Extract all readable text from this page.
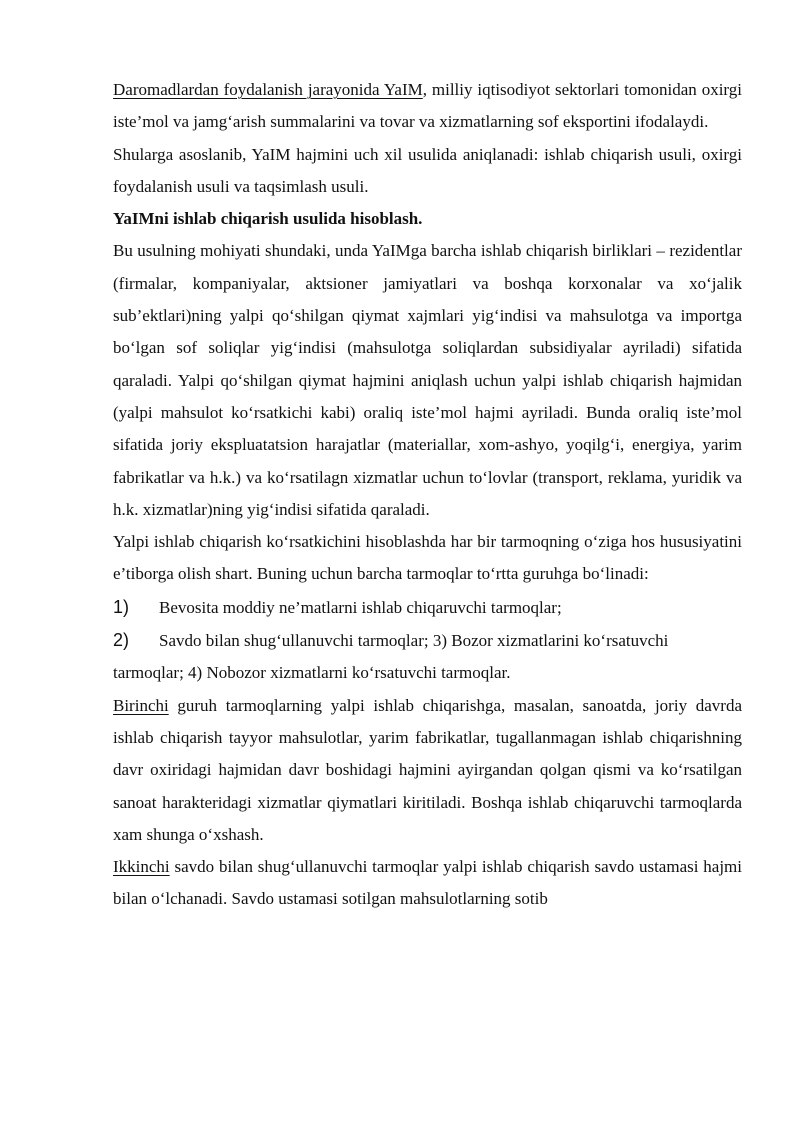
Daromadlardan foydalanish jarayonida YaIM, milliy iqtisodiyot sektorlari tomonidan oxirgi iste’mol va jamg‘arish summalarini va tovar va xizmatlarning sof eksportini ifodalaydi.

Shularga asoslanib, YaIM hajmini uch xil usulida aniqlanadi: ishlab chiqarish usuli, oxirgi foydalanish usuli va taqsimlash usuli.

YaIMni ishlab chiqarish usulida hisoblash.

Bu usulning mohiyati shundaki, unda YaIMga barcha ishlab chiqarish birliklari – rezidentlar (firmalar, kompaniyalar, aktsioner jamiyatlari va boshqa korxonalar va xo‘jalik sub’ektlari)ning yalpi qo‘shilgan qiymat xajmlari yig‘indisi va mahsulotga va importga bo‘lgan sof soliqlar yig‘indisi (mahsulotga soliqlardan subsidiyalar ayriladi) sifatida qaraladi. Yalpi qo‘shilgan qiymat hajmini aniqlash uchun yalpi ishlab chiqarish hajmidan (yalpi mahsulot ko‘rsatkichi kabi) oraliq iste’mol hajmi ayriladi. Bunda oraliq iste’mol sifatida joriy ekspluatatsion harajatlar (materiallar, xom-ashyo, yoqilg‘i, energiya, yarim fabrikatlar va h.k.) va ko‘rsatilagn xizmatlar uchun to‘lovlar (transport, reklama, yuridik va h.k. xizmatlar)ning yig‘indisi sifatida qaraladi.

Yalpi ishlab chiqarish ko‘rsatkichini hisoblashda har bir tarmoqning o‘ziga hos hususiyatini e’tiborga olish shart. Buning uchun barcha tarmoqlar to‘rtta guruhga bo‘linadi:

1)	Bevosita moddiy ne’matlarni ishlab chiqaruvchi tarmoqlar;
2)	Savdo bilan shug‘ullanuvchi tarmoqlar; 3) Bozor xizmatlarini ko‘rsatuvchi

tarmoqlar; 4) Nobozor xizmatlarni ko‘rsatuvchi tarmoqlar.

Birinchi guruh tarmoqlarning yalpi ishlab chiqarishga, masalan, sanoatda, joriy davrda ishlab chiqarish tayyor mahsulotlar, yarim fabrikatlar, tugallanmagan ishlab chiqarishning davr oxiridagi hajmidan davr boshidagi hajmini ayirgandan qolgan qismi va ko‘rsatilgan sanoat harakteridagi xizmatlar qiymatlari kiritiladi. Boshqa ishlab chiqaruvchi tarmoqlarda xam shunga o‘xshash.

Ikkinchi savdo bilan shug‘ullanuvchi tarmoqlar yalpi ishlab chiqarish savdo ustamasi hajmi bilan o‘lchanadi. Savdo ustamasi sotilgan mahsulotlarning sotib
